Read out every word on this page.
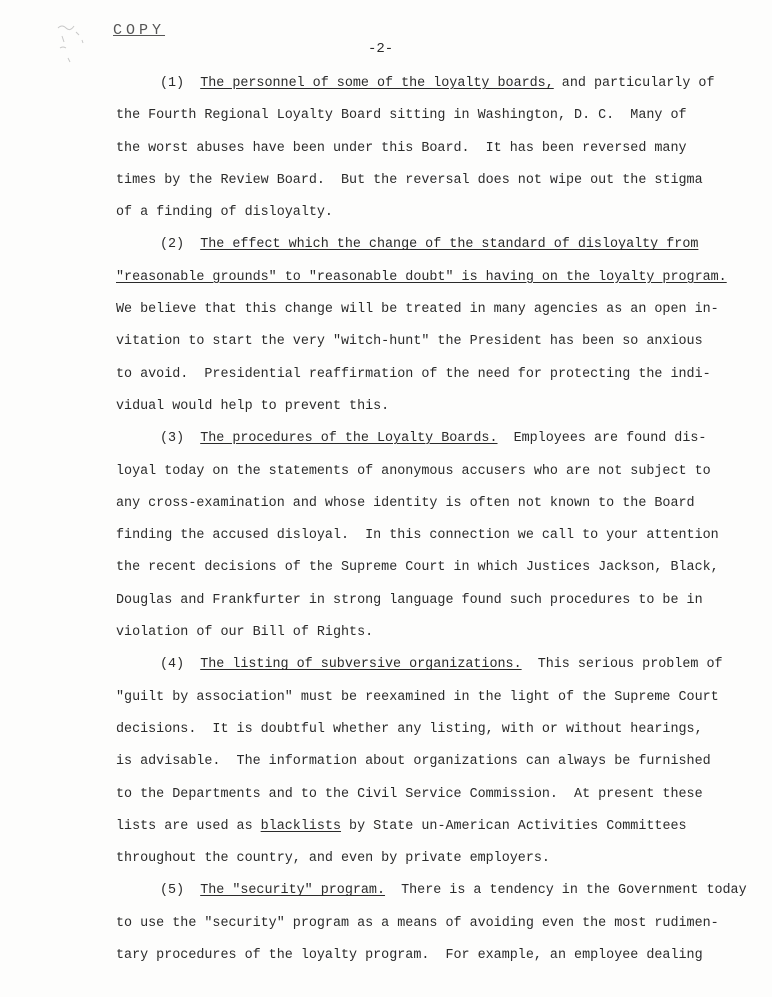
COPY
-2-
(1)  The personnel of some of the loyalty boards, and particularly of
the Fourth Regional Loyalty Board sitting in Washington, D. C.  Many of
the worst abuses have been under this Board.  It has been reversed many
times by the Review Board.  But the reversal does not wipe out the stigma
of a finding of disloyalty.
(2)  The effect which the change of the standard of disloyalty from
"reasonable grounds" to "reasonable doubt" is having on the loyalty program.
We believe that this change will be treated in many agencies as an open in-
vitation to start the very "witch-hunt" the President has been so anxious
to avoid.  Presidential reaffirmation of the need for protecting the indi-
vidual would help to prevent this.
(3)  The procedures of the Loyalty Boards.  Employees are found dis-
loyal today on the statements of anonymous accusers who are not subject to
any cross-examination and whose identity is often not known to the Board
finding the accused disloyal.  In this connection we call to your attention
the recent decisions of the Supreme Court in which Justices Jackson, Black,
Douglas and Frankfurter in strong language found such procedures to be in
violation of our Bill of Rights.
(4)  The listing of subversive organizations.  This serious problem of
"guilt by association" must be reexamined in the light of the Supreme Court
decisions.  It is doubtful whether any listing, with or without hearings,
is advisable.  The information about organizations can always be furnished
to the Departments and to the Civil Service Commission.  At present these
lists are used as blacklists by State un-American Activities Committees
throughout the country, and even by private employers.
(5)  The "security" program.  There is a tendency in the Government today
to use the "security" program as a means of avoiding even the most rudimen-
tary procedures of the loyalty program.  For example, an employee dealing
